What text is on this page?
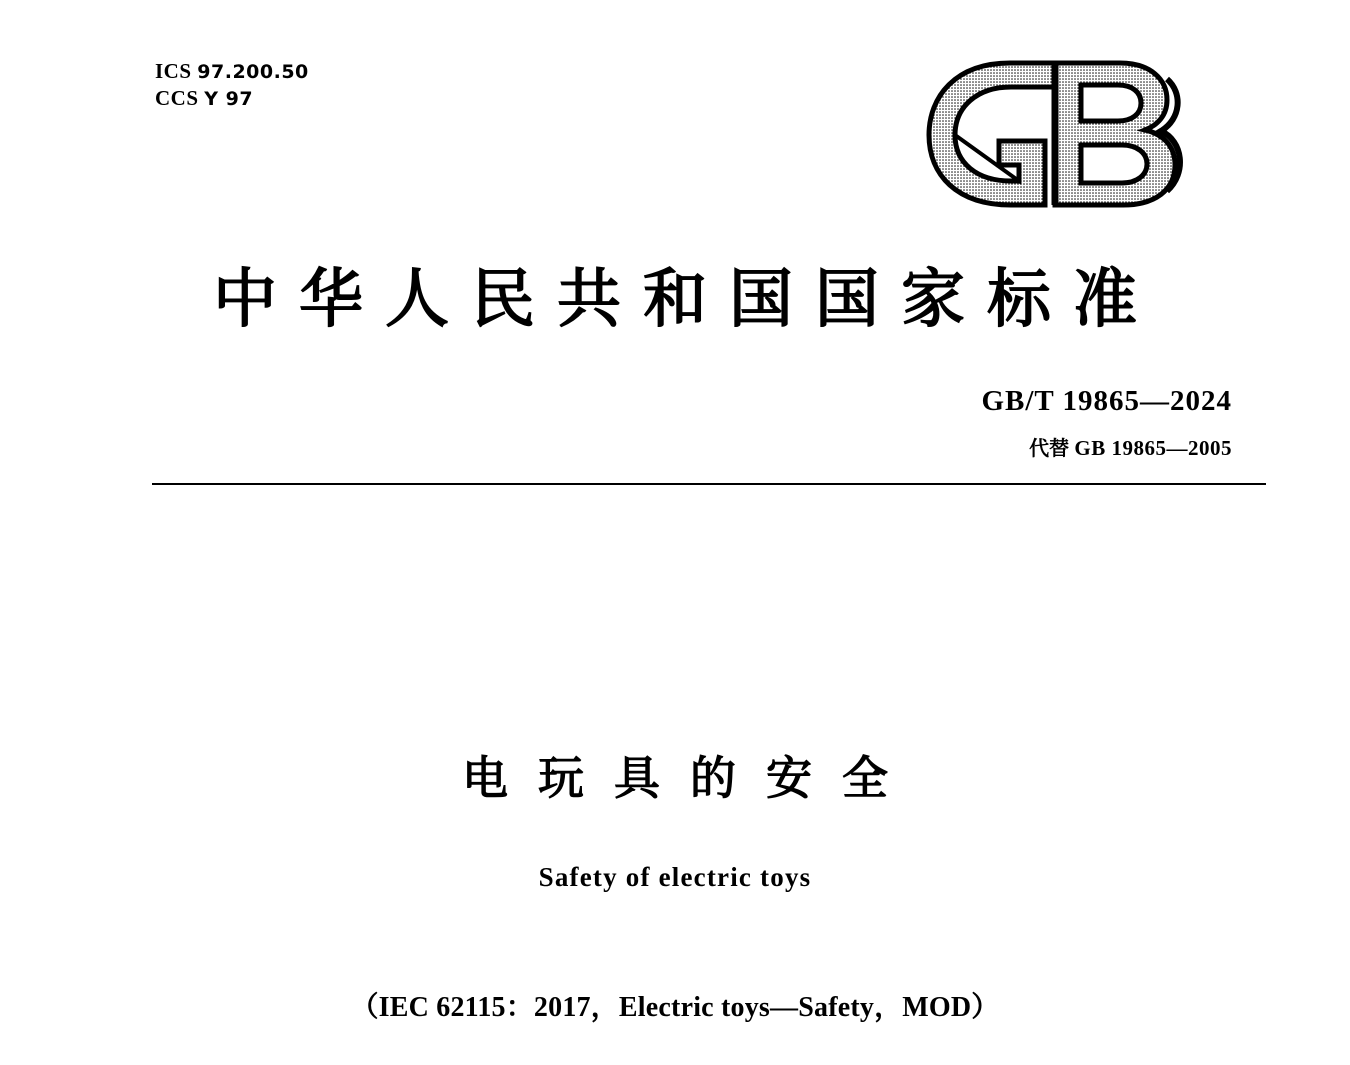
ICS 97.200.50
CCS Y 97
中华人民共和国国家标准
GB/T 19865—2024
代替 GB 19865—2005
电玩具的安全
Safety of electric toys
（IEC 62115：2017，Electric toys—Safety，MOD）
